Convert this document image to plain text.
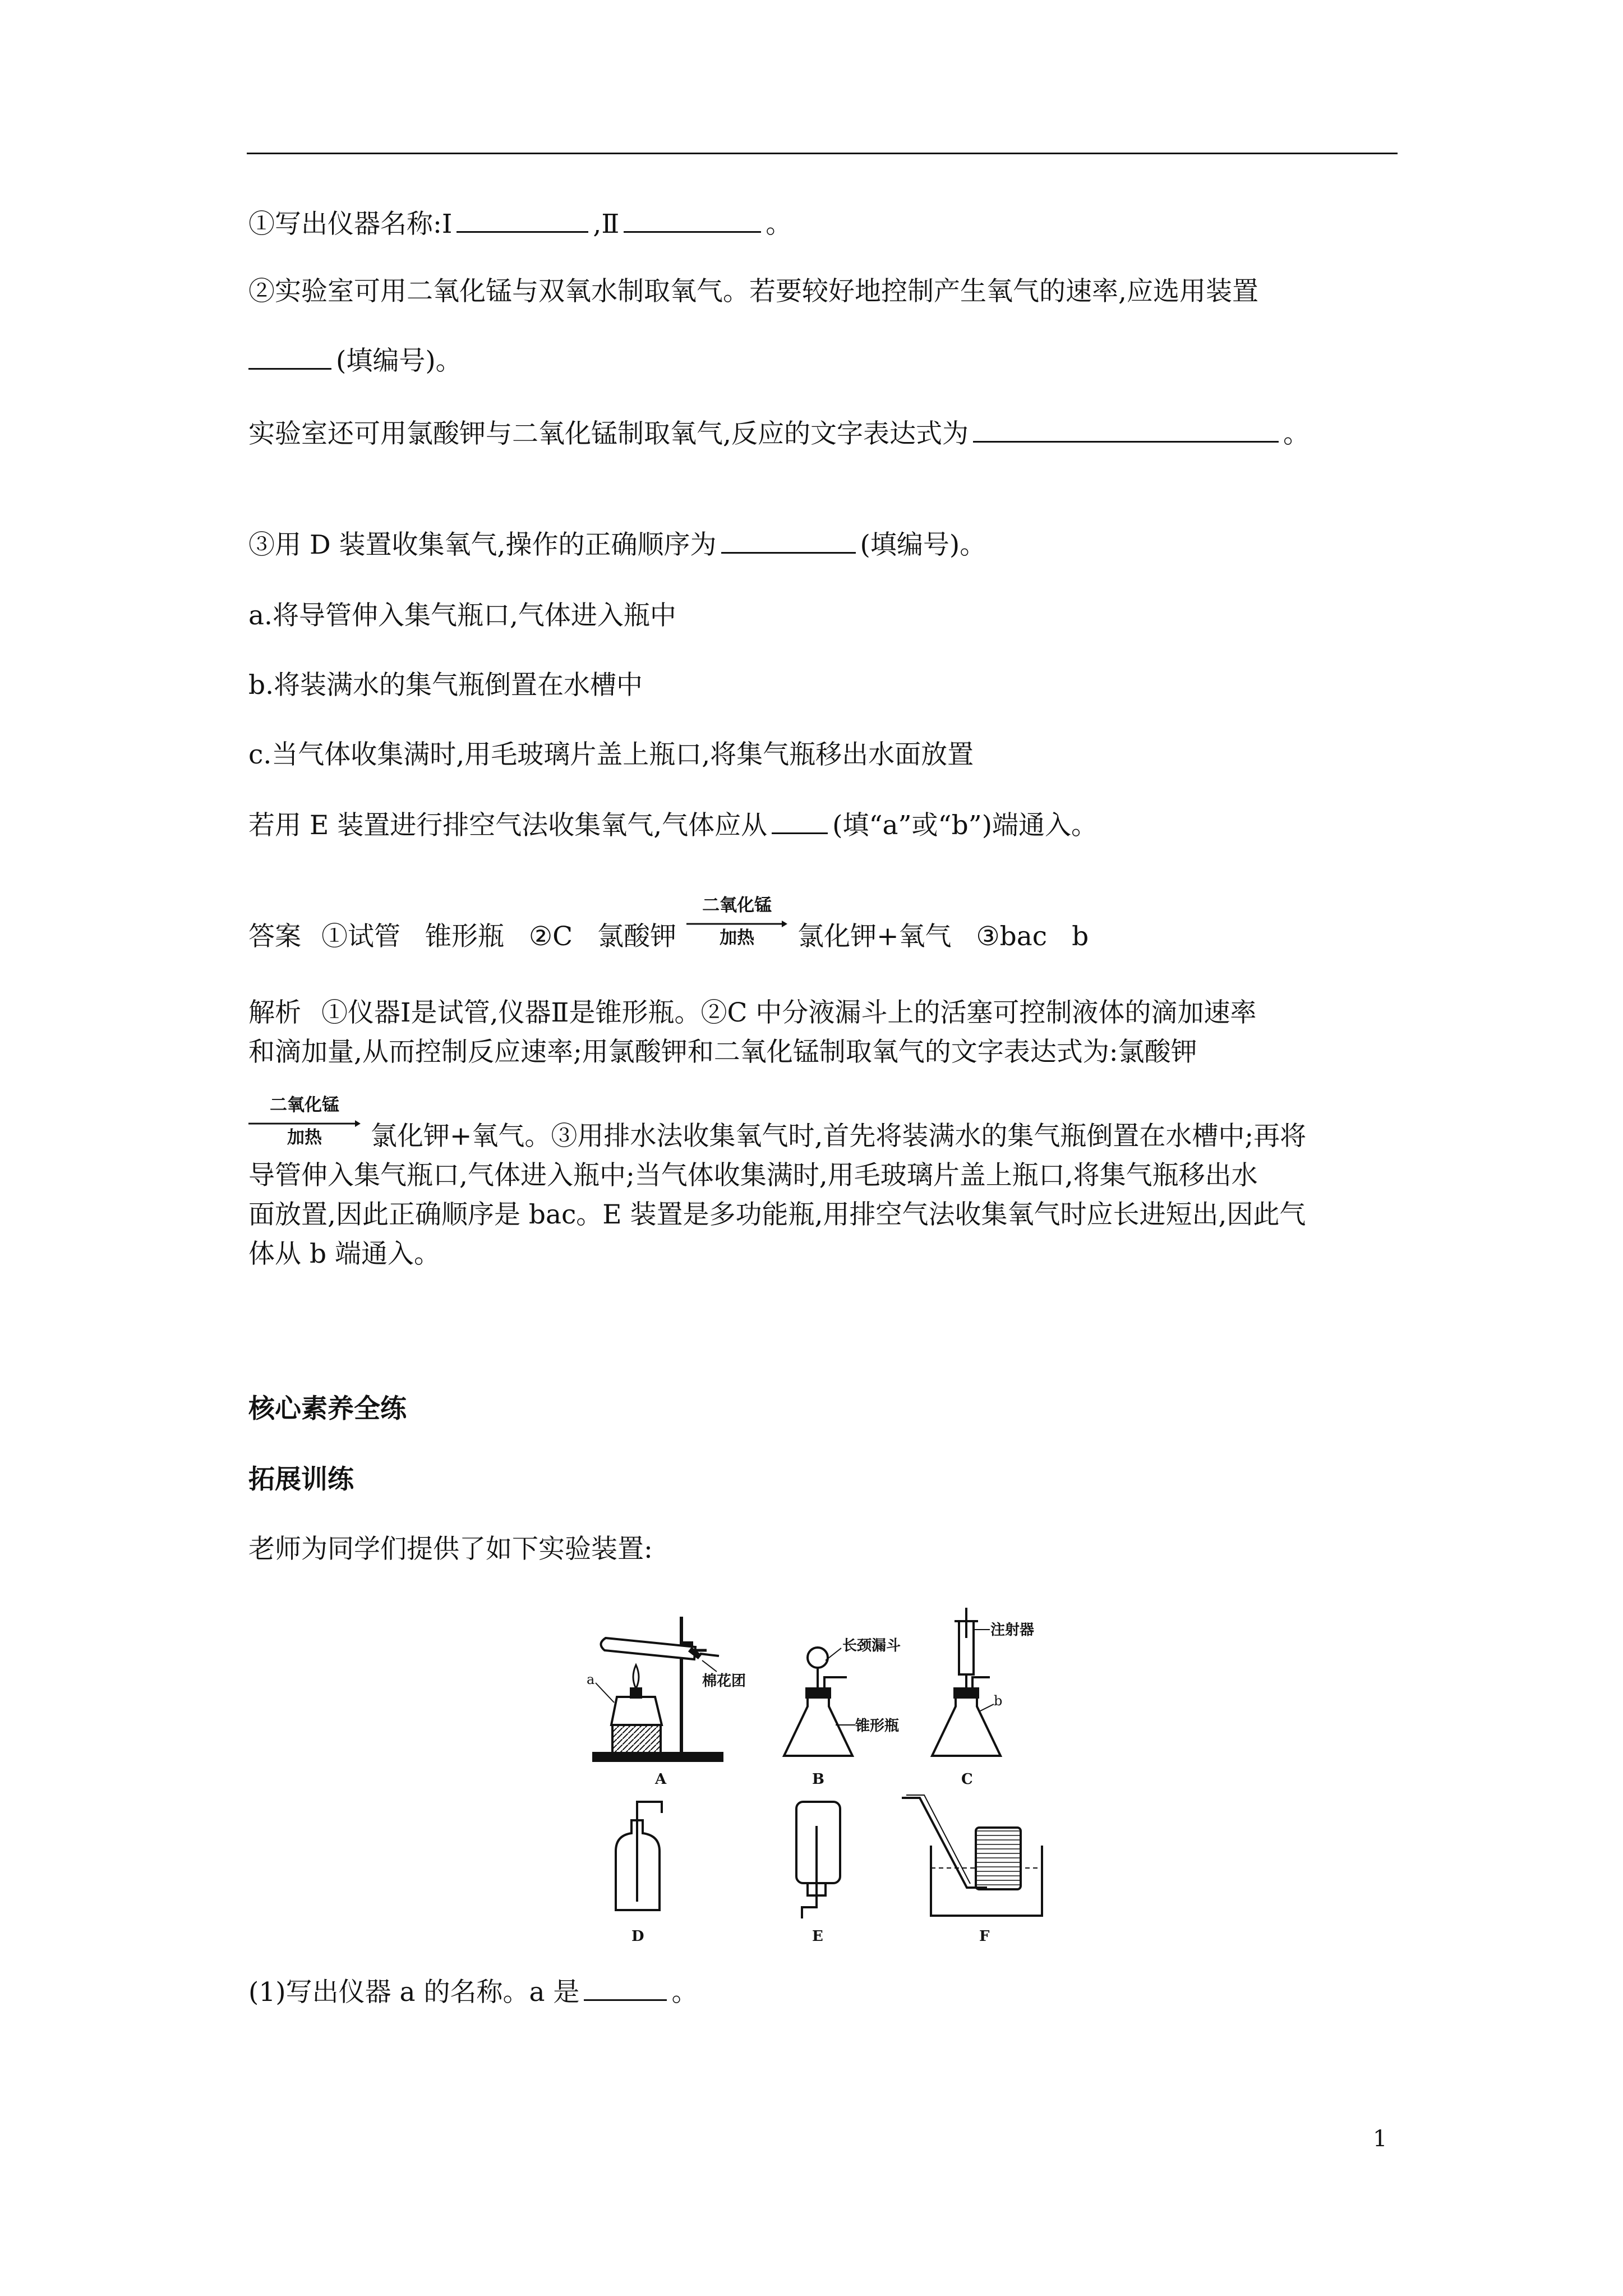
①写出仪器名称:Ⅰ	,Ⅱ	。
②实验室可用二氧化锰与双氧水制取氧气。若要较好地控制产生氧气的速率,应选用装置
(填编号)。
实验室还可用氯酸钾与二氧化锰制取氧气,反应的文字表达式为	。
③用 D 装置收集氧气,操作的正确顺序为	(填编号)。
a.将导管伸入集气瓶口,气体进入瓶中
b.将装满水的集气瓶倒置在水槽中
c.当气体收集满时,用毛玻璃片盖上瓶口,将集气瓶移出水面放置
若用 E 装置进行排空气法收集氧气,气体应从 (填“a”或“b”)端通入。
答案 ①试管 锥形瓶 ②C 氯酸钾
二氧化锰
加热	氯化钾+氧气 ③bac b
解析 ①仪器Ⅰ是试管,仪器Ⅱ是锥形瓶。②C 中分液漏斗上的活塞可控制液体的滴加速率
和滴加量,从而控制反应速率;用氯酸钾和二氧化锰制取氧气的文字表达式为:氯酸钾
二氧化锰
加热	氯化钾+氧气。③用排水法收集氧气时,首先将装满水的集气瓶倒置在水槽中;再将
导管伸入集气瓶口,气体进入瓶中;当气体收集满时,用毛玻璃片盖上瓶口,将集气瓶移出水
面放置,因此正确顺序是 bac。E 装置是多功能瓶,用排空气法收集氧气时应长进短出,因此气
体从 b 端通入。
核心素养全练
拓展训练
老师为同学们提供了如下实验装置:
a	棉花团
A
长颈漏斗
锥形瓶
B
注射器
b
C
D	E	F
(1)写出仪器 a 的名称。a 是	。
1
